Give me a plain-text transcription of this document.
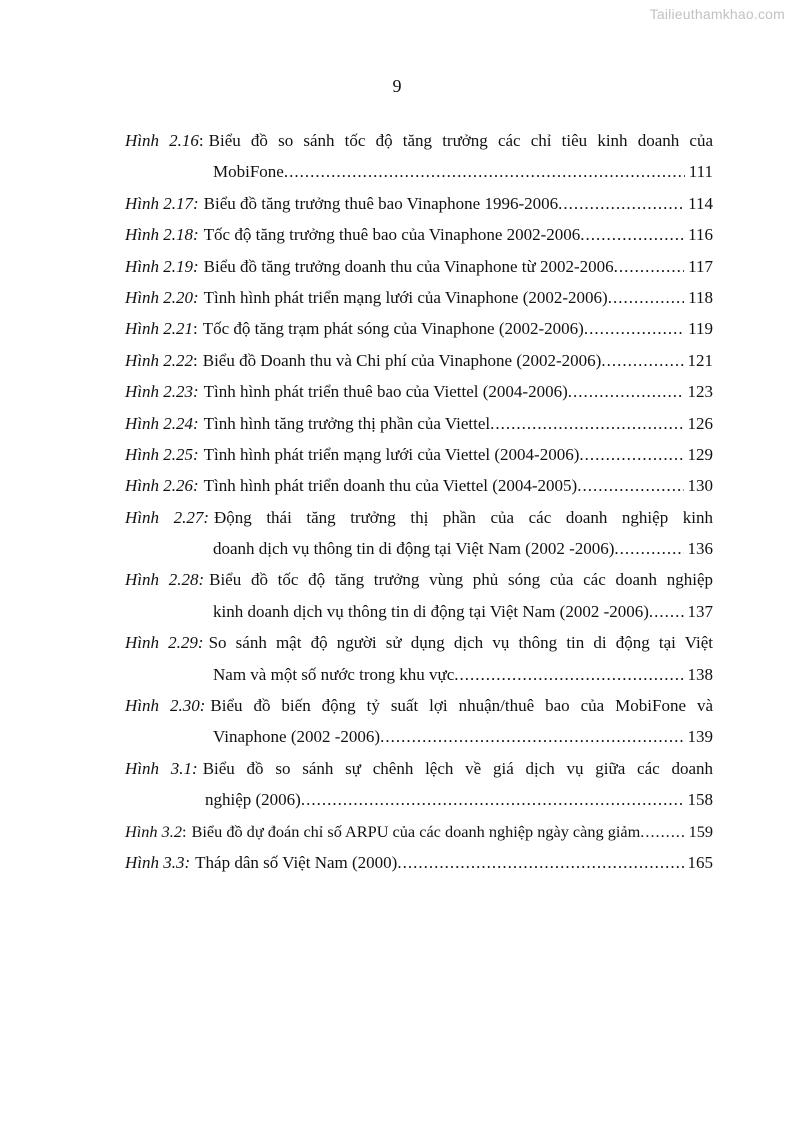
Tailieuthamkhao.com
9
Hình 2.16: Biểu đồ so sánh tốc độ tăng trưởng các chỉ tiêu kinh doanh của
MobiFone .....	111
Hình 2.17: Biểu đồ tăng trưởng thuê bao Vinaphone 1996-2006 .....	114
Hình 2.18: Tốc độ tăng trưởng thuê bao của Vinaphone 2002-2006 .....	116
Hình 2.19: Biểu đồ tăng trưởng doanh thu của Vinaphone từ 2002-2006 .....	117
Hình 2.20: Tình hình phát triển mạng lưới của Vinaphone (2002-2006) .....	118
Hình 2.21: Tốc độ tăng trạm phát sóng của Vinaphone (2002-2006) .....	119
Hình 2.22: Biểu đồ Doanh thu và Chi phí của Vinaphone (2002-2006) .....	121
Hình 2.23: Tình hình phát triển thuê bao của Viettel (2004-2006) .....	123
Hình 2.24: Tình hình tăng trưởng thị phần của Viettel .....	126
Hình 2.25: Tình hình phát triển mạng lưới của Viettel (2004-2006) .....	129
Hình 2.26: Tình hình phát triển doanh thu của Viettel (2004-2005) .....	130
Hình 2.27: Động thái tăng trưởng thị phần của các doanh nghiệp kinh
doanh dịch vụ thông tin di động tại Việt Nam (2002 -2006) .....	136
Hình 2.28: Biểu đồ tốc độ tăng trưởng vùng phủ sóng của các doanh nghiệp
kinh doanh dịch vụ thông tin di động tại Việt Nam (2002 -2006) ..... 137
Hình 2.29: So sánh mật độ người sử dụng dịch vụ thông tin di động tại Việt
Nam và một số nước trong khu vực .....	138
Hình 2.30: Biểu đồ biến động tỷ suất lợi nhuận/thuê bao của MobiFone và
Vinaphone (2002 -2006) .....	139
Hình 3.1: Biểu đồ so sánh sự chênh lệch về giá dịch vụ giữa các doanh
nghiệp (2006) .....	158
Hình 3.2: Biểu đồ dự đoán chỉ số ARPU của các doanh nghiệp ngày càng giảm .....	159
Hình 3.3: Tháp dân số Việt Nam (2000) .....	165
